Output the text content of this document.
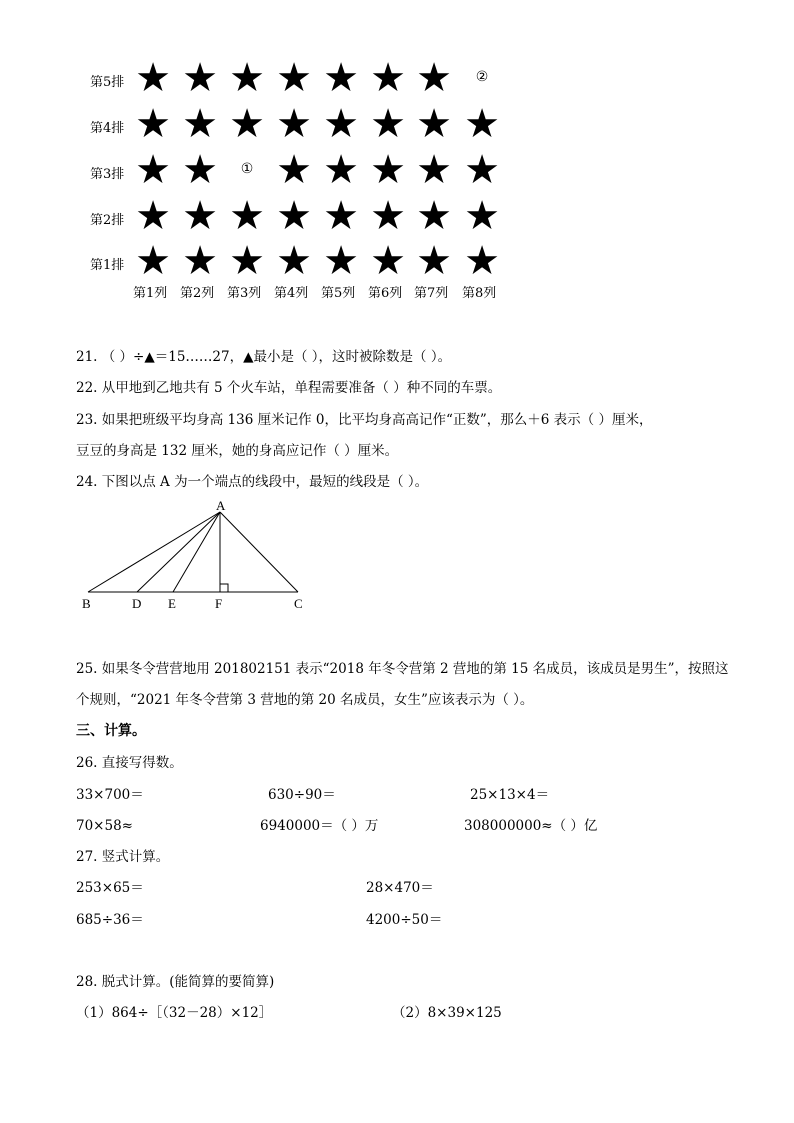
第5排 ★ ★ ★ ★ ★ ★ ★	②
第4排 ★ ★ ★ ★ ★ ★ ★ ★
第3排 ★ ★	① ★ ★ ★ ★ ★
第2排 ★ ★ ★ ★ ★ ★ ★ ★
第1排 ★ ★ ★ ★ ★ ★ ★ ★
第1列 第2列 第3列 第4列 第5列 第6列 第7列 第8列
21. （ ）÷▲＝15……27，▲最小是（ ），这时被除数是（ ）。
22. 从甲地到乙地共有 5 个火车站，单程需要准备（ ）种不同的车票。
23. 如果把班级平均身高 136 厘米记作 0，比平均身高高记作“正数”，那么＋6 表示（ ）厘米，
豆豆的身高是 132 厘米，她的身高应记作（ ）厘米。
24. 下图以点 A 为一个端点的线段中，最短的线段是（ ）。
A
B	D E	F	C
25. 如果冬令营营地用 201802151 表示“2018 年冬令营第 2 营地的第 15 名成员，该成员是男生”，按照这
个规则，“2021 年冬令营第 3 营地的第 20 名成员，女生”应该表示为（ ）。
三、计算。
26. 直接写得数。
33×700＝	630÷90＝	25×13×4＝
70×58≈	6940000＝（ ）万	308000000≈（ ）亿
27. 竖式计算。
253×65＝	28×470＝
685÷36＝	4200÷50＝
28. 脱式计算。(能简算的要简算)
（1）864÷［（32－28）×12］	（2）8×39×125
